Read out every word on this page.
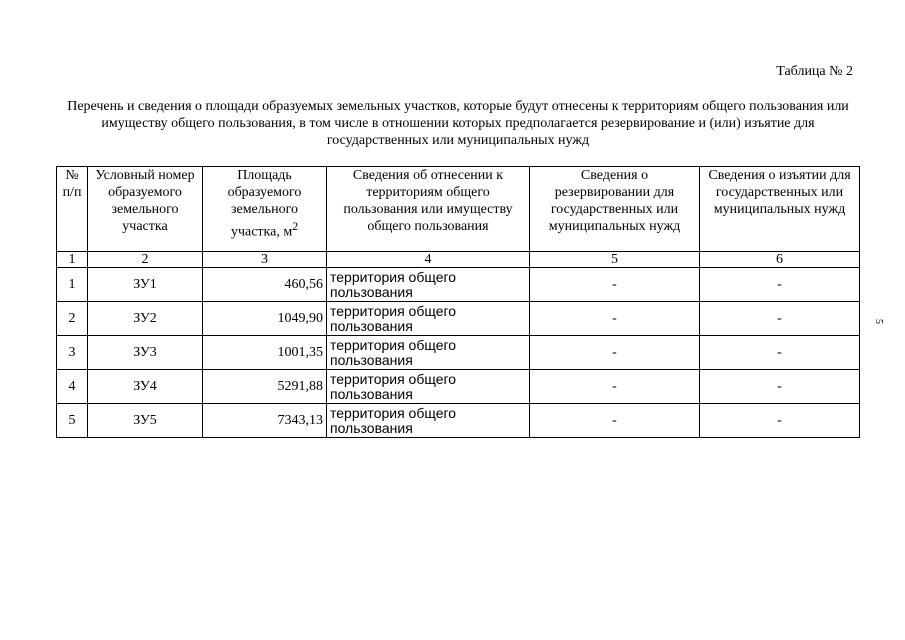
Таблица № 2
Перечень и сведения о площади образуемых земельных участков, которые будут отнесены к территориям общего пользования или имуществу общего пользования, в том числе в отношении которых предполагается резервирование и (или) изъятие для государственных или муниципальных нужд
№ п/п	Условный номер образуемого земельного участка	Площадь образуемого земельного участка, $м^2$	Сведения об отнесении к территориям общего пользования или имуществу общего пользования	Сведения о резервировании для государственных или муниципальных нужд	Сведения о изъятии для государственных или муниципальных нужд
1	2	3	4	5	6
1	ЗУ1	460,56	территория общего пользования	-	-
2	ЗУ2	1049,90	территория общего пользования	-	-
3	ЗУ3	1001,35	территория общего пользования	-	-
4	ЗУ4	5291,88	территория общего пользования	-	-
5	ЗУ5	7343,13	территория общего пользования	-	-
5
